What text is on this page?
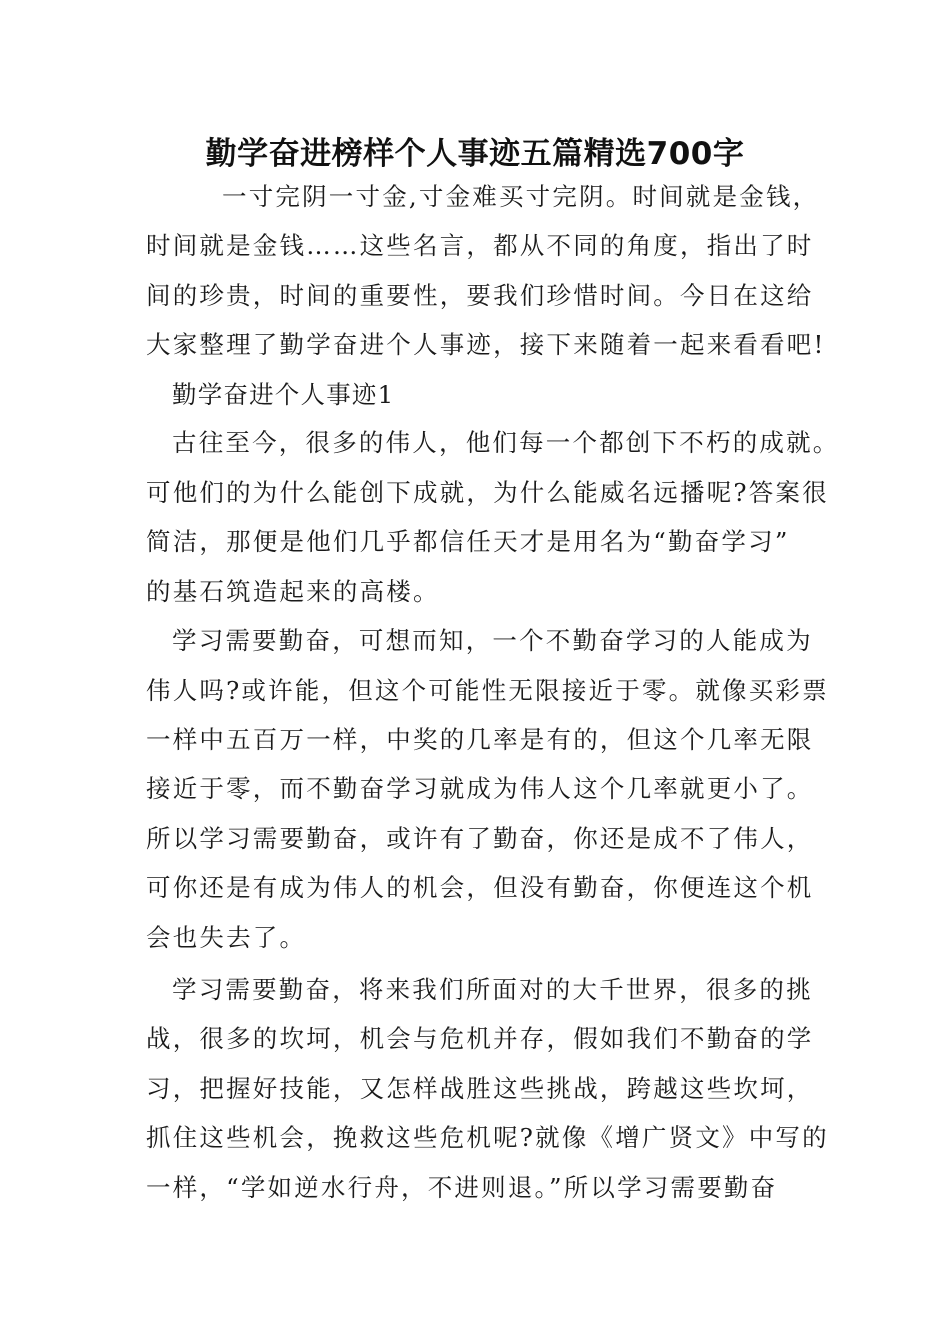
勤学奋进榜样个人事迹五篇精选700字
一寸完阴一寸金,寸金难买寸完阴。时间就是金钱，
时间就是金钱……这些名言，都从不同的角度，指出了时
间的珍贵，时间的重要性，要我们珍惜时间。今日在这给
大家整理了勤学奋进个人事迹，接下来随着一起来看看吧!
勤学奋进个人事迹1
古往至今，很多的伟人，他们每一个都创下不朽的成就。
可他们的为什么能创下成就，为什么能威名远播呢?答案很
简洁，那便是他们几乎都信任天才是用名为“勤奋学习”
的基石筑造起来的高楼。
学习需要勤奋，可想而知，一个不勤奋学习的人能成为
伟人吗?或许能，但这个可能性无限接近于零。就像买彩票
一样中五百万一样，中奖的几率是有的，但这个几率无限
接近于零，而不勤奋学习就成为伟人这个几率就更小了。
所以学习需要勤奋，或许有了勤奋，你还是成不了伟人，
可你还是有成为伟人的机会，但没有勤奋，你便连这个机
会也失去了。
学习需要勤奋，将来我们所面对的大千世界，很多的挑
战，很多的坎坷，机会与危机并存，假如我们不勤奋的学
习，把握好技能，又怎样战胜这些挑战，跨越这些坎坷，
抓住这些机会，挽救这些危机呢?就像《增广贤文》中写的
一样，“学如逆水行舟，不进则退。”所以学习需要勤奋
